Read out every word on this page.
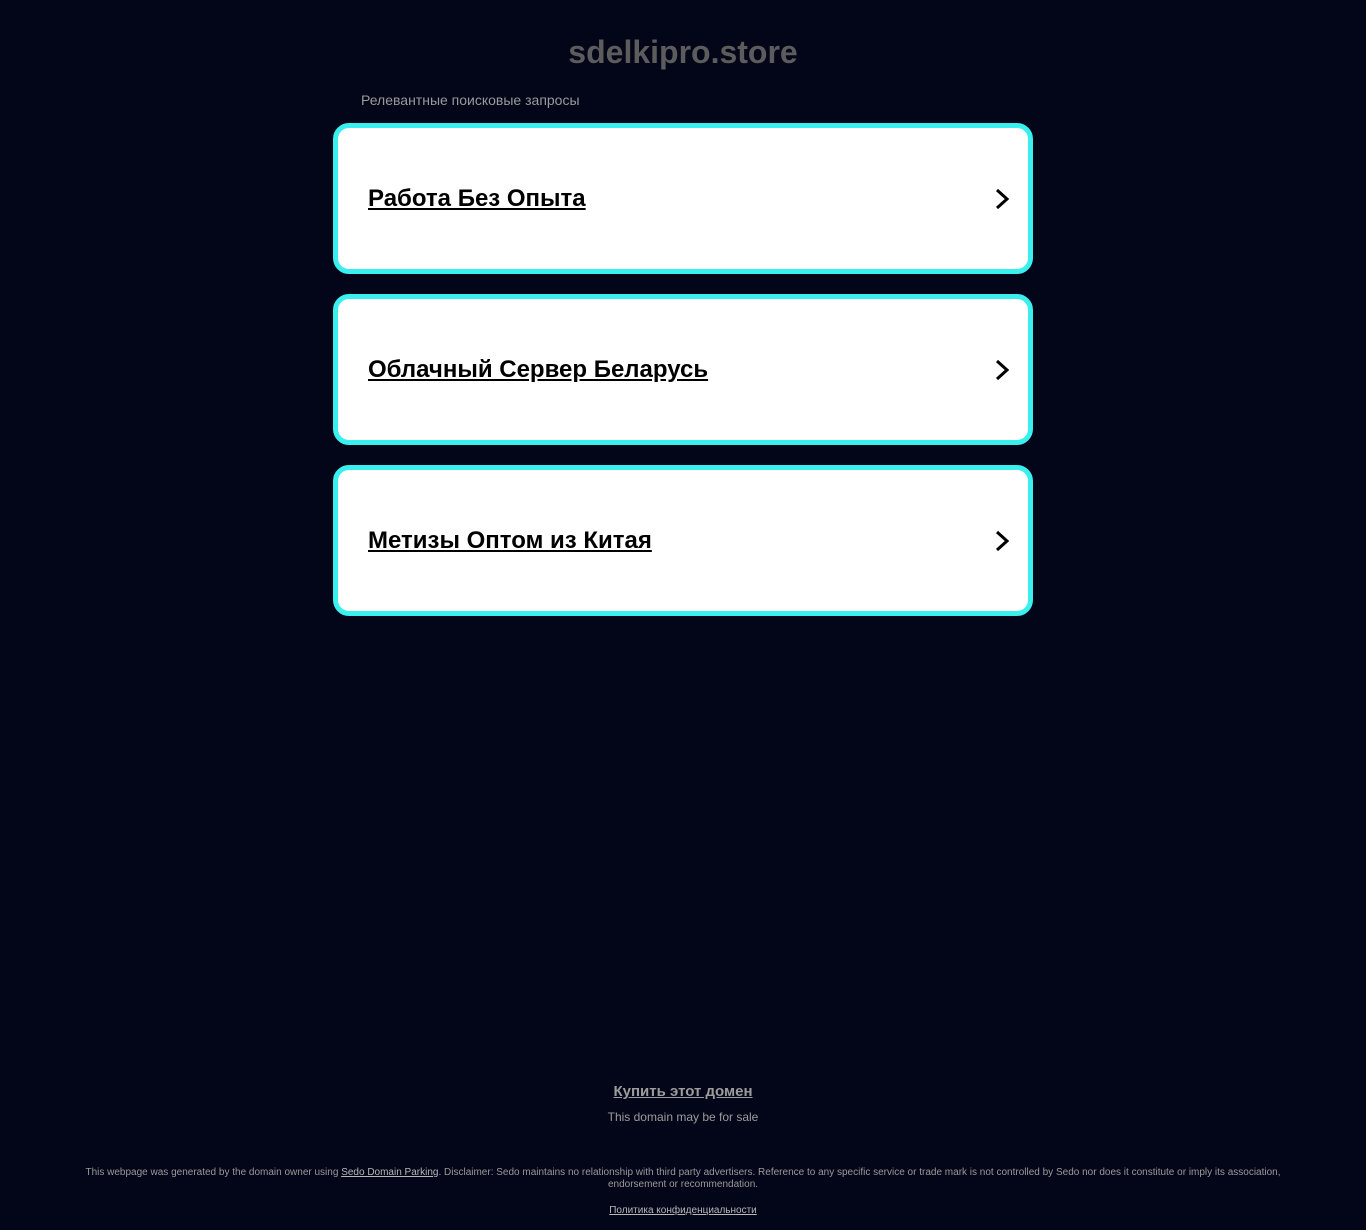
sdelkipro.store
Релевантные поисковые запросы
Работа Без Опыта
Облачный Сервер Беларусь
Метизы Оптом из Китая
Купить этот домен
This domain may be for sale
This webpage was generated by the domain owner using Sedo Domain Parking. Disclaimer: Sedo maintains no relationship with third party advertisers. Reference to any specific service or trade mark is not controlled by Sedo nor does it constitute or imply its association, endorsement or recommendation.
Политика конфиденциальности
